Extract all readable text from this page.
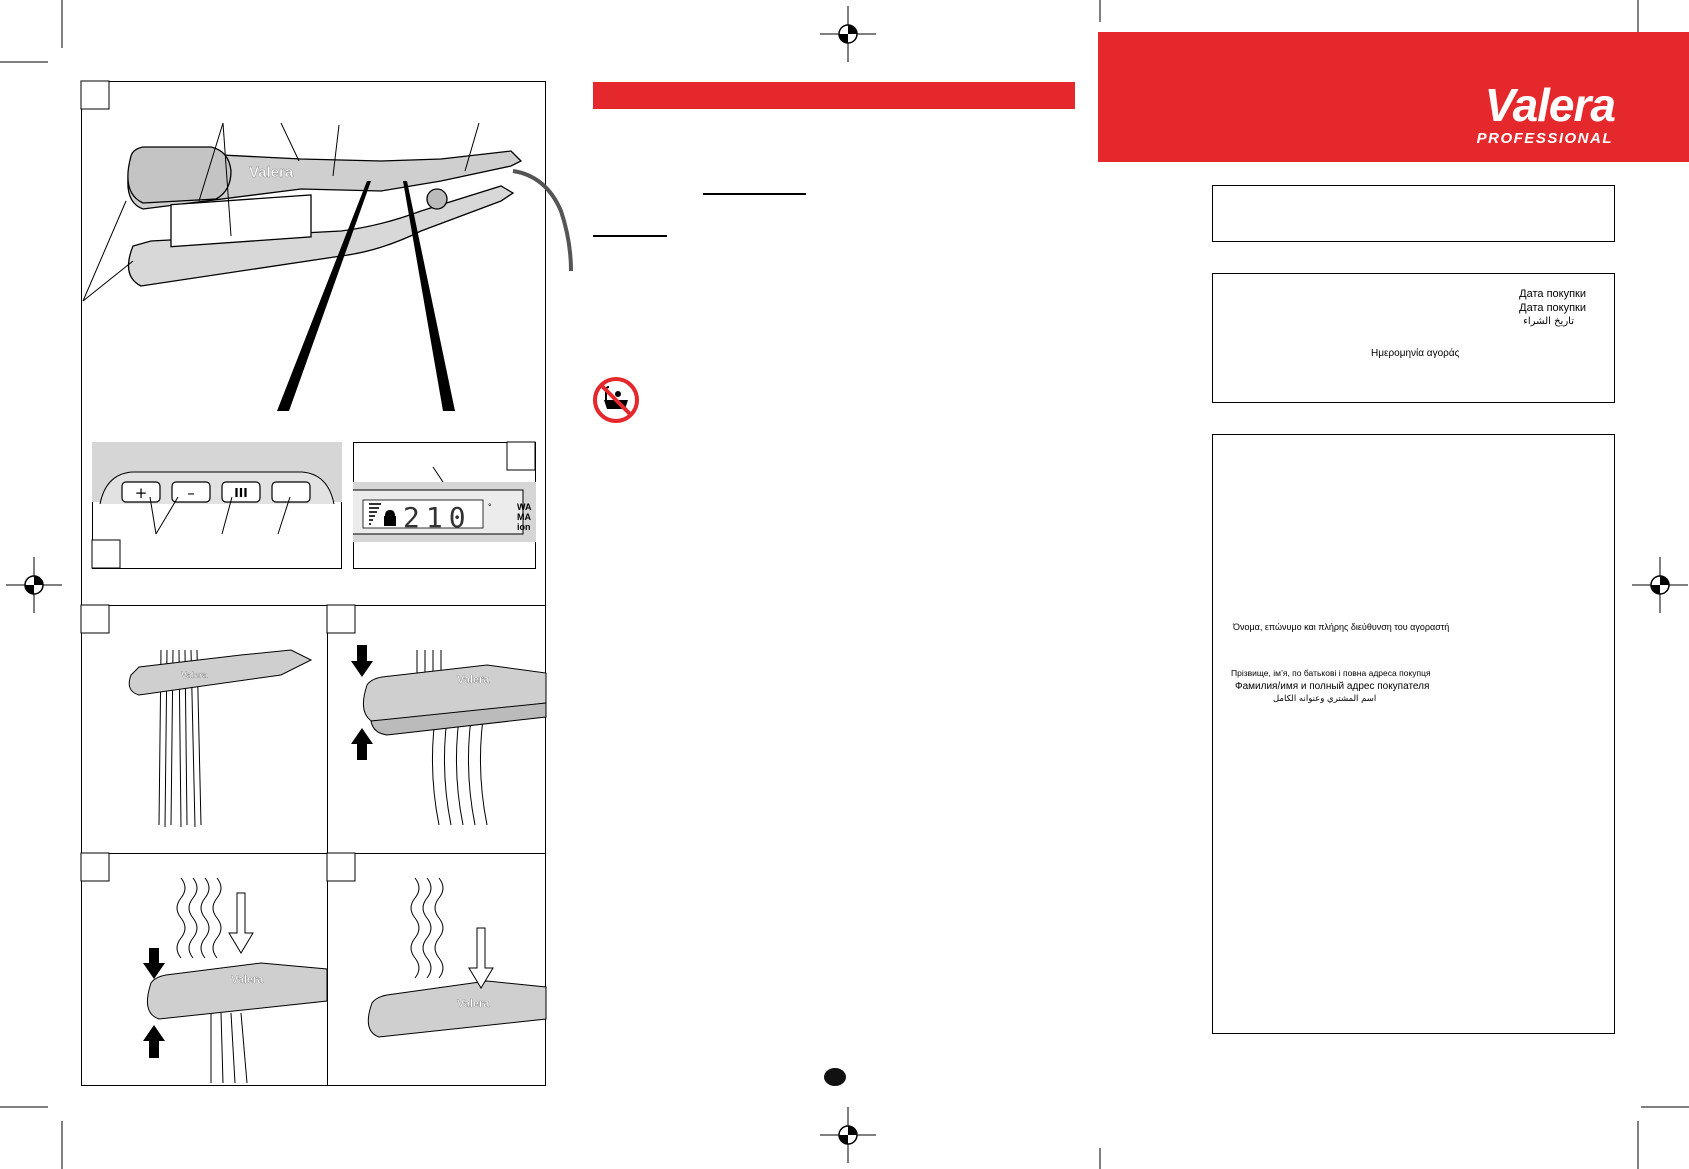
Valera
+	–	III
210 °	WA
MA
ion
Valera	Valera
Valera
Valera
Valera
PROFESSIONAL
Дата покупки
Дата покупки
تاريخ الشراء
Ημερομηνία αγοράς
Όνομα, επώνυμο και πλήρης διεύθυνση του αγοραστή
Прізвище, ім’я, по батькові і повна адреса покупця
Фамилия/имя и полный адрес покупателя
اسم المشتري وعنوانه الكامل
